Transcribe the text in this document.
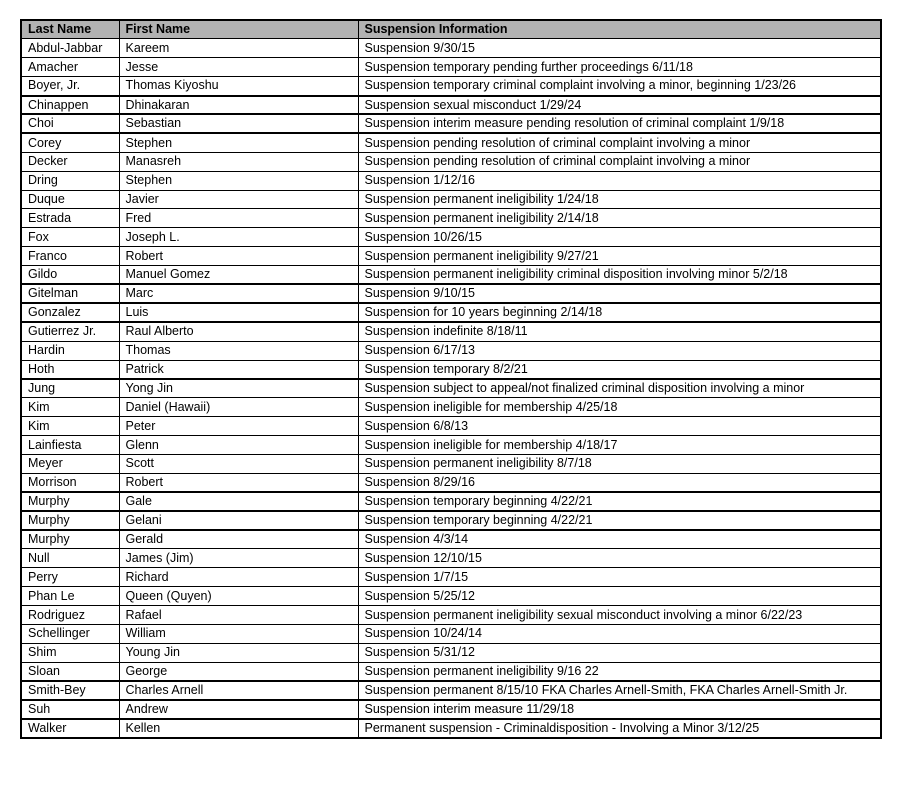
Last Name	First Name	Suspension Information
Abdul-Jabbar	Kareem	Suspension 9/30/15
Amacher	Jesse	Suspension temporary pending further proceedings 6/11/18
Boyer, Jr.	Thomas Kiyoshu	Suspension temporary criminal complaint involving a minor, beginning 1/23/26
Chinappen	Dhinakaran	Suspension sexual misconduct 1/29/24
Choi	Sebastian	Suspension interim measure pending resolution of criminal complaint 1/9/18
Corey	Stephen	Suspension pending resolution of criminal complaint involving a minor
Decker	Manasreh	Suspension pending resolution of criminal complaint involving a minor
Dring	Stephen	Suspension 1/12/16
Duque	Javier	Suspension permanent ineligibility 1/24/18
Estrada	Fred	Suspension permanent ineligibility 2/14/18
Fox	Joseph L.	Suspension 10/26/15
Franco	Robert	Suspension permanent ineligibility 9/27/21
Gildo	Manuel Gomez	Suspension permanent ineligibility criminal disposition involving minor 5/2/18
Gitelman	Marc	Suspension 9/10/15
Gonzalez	Luis	Suspension for 10 years beginning 2/14/18
Gutierrez Jr.	Raul Alberto	Suspension indefinite 8/18/11
Hardin	Thomas	Suspension 6/17/13
Hoth	Patrick	Suspension temporary 8/2/21
Jung	Yong Jin	Suspension subject to appeal/not finalized criminal disposition involving a minor
Kim	Daniel (Hawaii)	Suspension ineligible for membership 4/25/18
Kim	Peter	Suspension 6/8/13
Lainfiesta	Glenn	Suspension ineligible for membership 4/18/17
Meyer	Scott	Suspension permanent ineligibility 8/7/18
Morrison	Robert	Suspension 8/29/16
Murphy	Gale	Suspension temporary beginning 4/22/21
Murphy	Gelani	Suspension temporary beginning 4/22/21
Murphy	Gerald	Suspension 4/3/14
Null	James (Jim)	Suspension 12/10/15
Perry	Richard	Suspension 1/7/15
Phan Le	Queen (Quyen)	Suspension 5/25/12
Rodriguez	Rafael	Suspension permanent ineligibility sexual misconduct involving a minor 6/22/23
Schellinger	William	Suspension 10/24/14
Shim	Young Jin	Suspension 5/31/12
Sloan	George	Suspension permanent ineligibility 9/16 22
Smith-Bey	Charles Arnell	Suspension permanent 8/15/10 FKA Charles Arnell-Smith, FKA Charles Arnell-Smith Jr.
Suh	Andrew	Suspension interim measure 11/29/18
Walker	Kellen	Permanent suspension - Criminaldisposition - Involving a Minor 3/12/25
